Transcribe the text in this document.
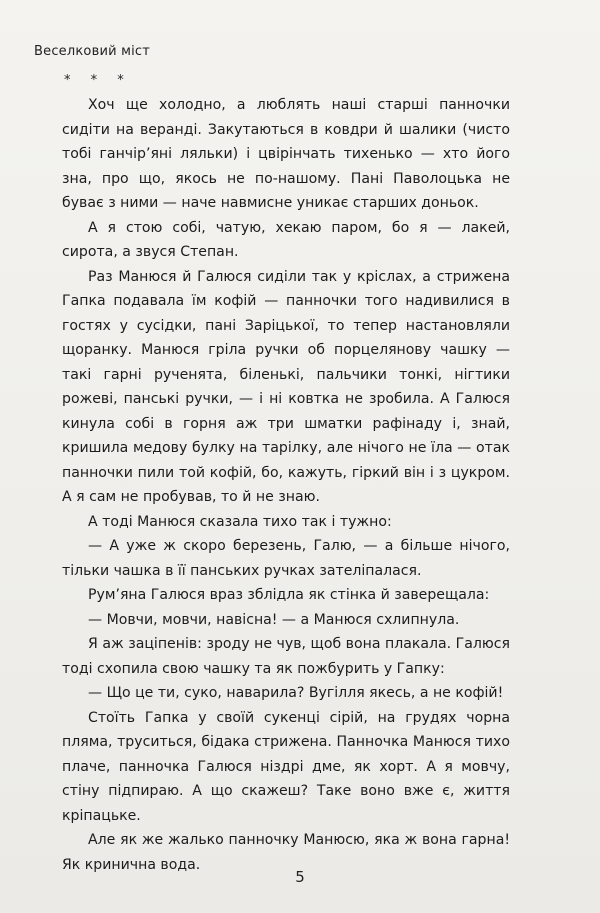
Веселковий міст
* * *

Хоч ще холодно, а люблять наші старші панночки сидіти на веранді. Закутаються в ковдри й шалики (чисто тобі ганчір’яні ляльки) і цвірінчать тихенько — хто його зна, про що, якось не по-нашому. Пані Паволоцька не буває з ними — наче навмисне уникає старших доньок.

А я стою собі, чатую, хекаю паром, бо я — лакей, сирота, а звуся Степан.

Раз Манюся й Галюся сиділи так у кріслах, а стрижена Гапка подавала їм кофій — панночки того надивилися в гостях у сусідки, пані Зарiцької, то тепер настановляли щоранку. Манюся гріла ручки об порцелянову чашку — такі гарні рученята, біленькі, пальчики тонкі, нігтики рожеві, панські ручки, — і ні ковтка не зробила. А Галюся кинула собі в горня аж три шматки рафінаду і, знай, кришила медову булку на тарілку, але нічого не їла — отак панночки пили той кофій, бо, кажуть, гіркий він і з цукром. А я сам не пробував, то й не знаю.

А тоді Манюся сказала тихо так і тужно:

— А уже ж скоро березень, Галю, — а більше нічого, тільки чашка в її панських ручках зателіпалася.

Рум’яна Галюся враз зблідла як стінка й заверещала:

— Мовчи, мовчи, навісна! — а Манюся схлипнула.

Я аж заціпенів: зроду не чув, щоб вона плакала. Галюся тоді схопила свою чашку та як пожбурить у Гапку:

— Що це ти, суко, наварила? Вугілля якесь, а не кофій!

Стоїть Гапка у своїй сукенці сірій, на грудях чорна пляма, труситься, бідака стрижена. Панночка Манюся тихо плаче, панночка Галюся ніздрі дме, як хорт. А я мовчу, стіну підпираю. А що скажеш? Таке воно вже є, життя кріпацьке.

Але як же жалько панночку Манюсю, яка ж вона гарна! Як кринична вода.

5
